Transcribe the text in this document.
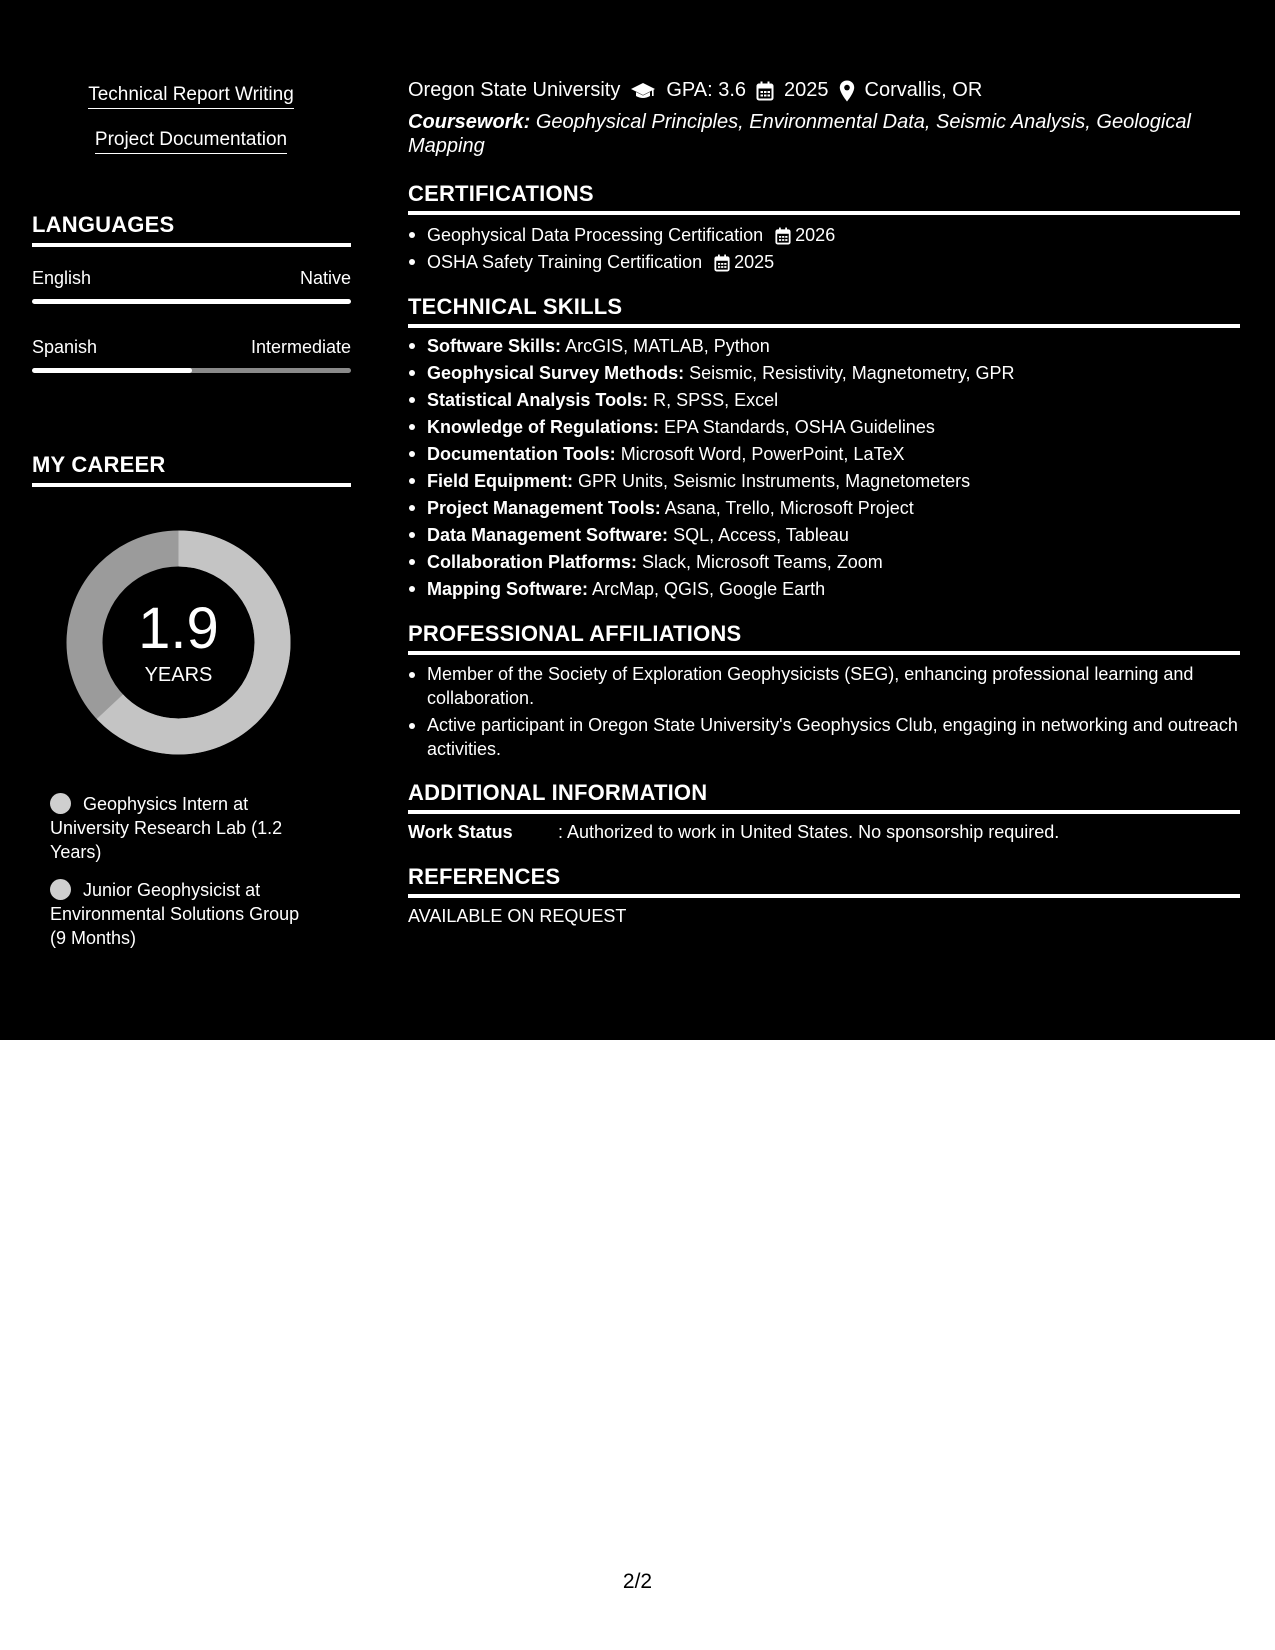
Technical Report Writing
Project Documentation
LANGUAGES
English	Native
Spanish	Intermediate
MY CAREER
1.9
YEARS
Geophysics Intern at University Research Lab (1.2 Years)
Junior Geophysicist at Environmental Solutions Group (9 Months)
Oregon State University GPA: 3.6 2025 Corvallis, OR
Coursework: Geophysical Principles, Environmental Data, Seismic Analysis, Geological Mapping
CERTIFICATIONS
Geophysical Data Processing Certification 2026
OSHA Safety Training Certification 2025
TECHNICAL SKILLS
Software Skills: ArcGIS, MATLAB, Python
Geophysical Survey Methods: Seismic, Resistivity, Magnetometry, GPR
Statistical Analysis Tools: R, SPSS, Excel
Knowledge of Regulations: EPA Standards, OSHA Guidelines
Documentation Tools: Microsoft Word, PowerPoint, LaTeX
Field Equipment: GPR Units, Seismic Instruments, Magnetometers
Project Management Tools: Asana, Trello, Microsoft Project
Data Management Software: SQL, Access, Tableau
Collaboration Platforms: Slack, Microsoft Teams, Zoom
Mapping Software: ArcMap, QGIS, Google Earth
PROFESSIONAL AFFILIATIONS
Member of the Society of Exploration Geophysicists (SEG), enhancing professional learning and collaboration.
Active participant in Oregon State University's Geophysics Club, engaging in networking and outreach activities.
ADDITIONAL INFORMATION
Work Status	: Authorized to work in United States. No sponsorship required.
REFERENCES
AVAILABLE ON REQUEST
2/2
